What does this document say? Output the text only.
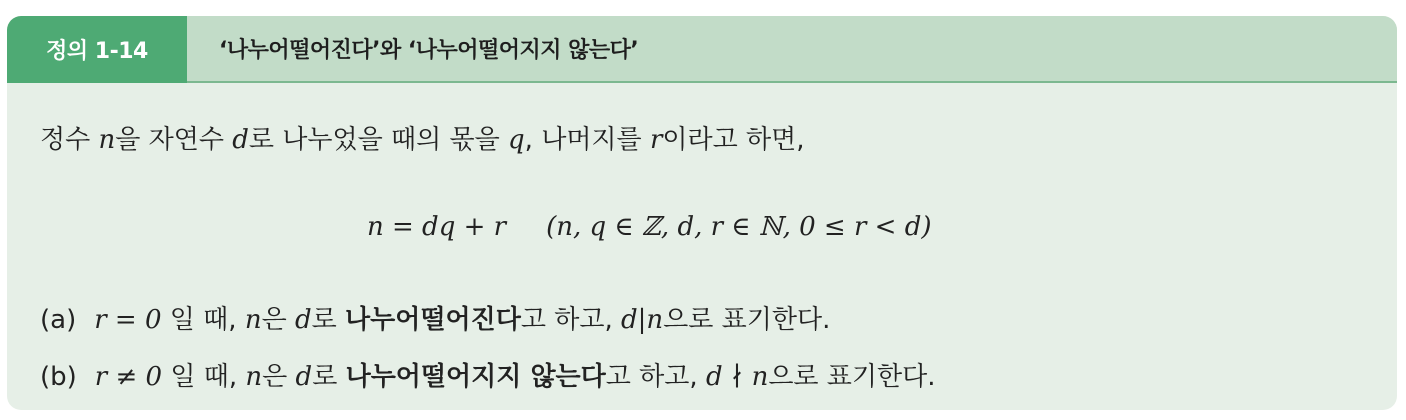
정의 1-14	‘나누어떨어진다’와 ‘나누어떨어지지 않는다’
정수 n을 자연수 d로 나누었을 때의 몫을 q, 나머지를 r이라고 하면,
n = dq + r (n, q ∈ ℤ, d, r ∈ ℕ, 0 ≤ r < d)
(a) r = 0 일 때, n은 d로 나누어떨어진다고 하고, d|n으로 표기한다.
(b) r ≠ 0 일 때, n은 d로 나누어떨어지지 않는다고 하고, d ∤ n으로 표기한다.
